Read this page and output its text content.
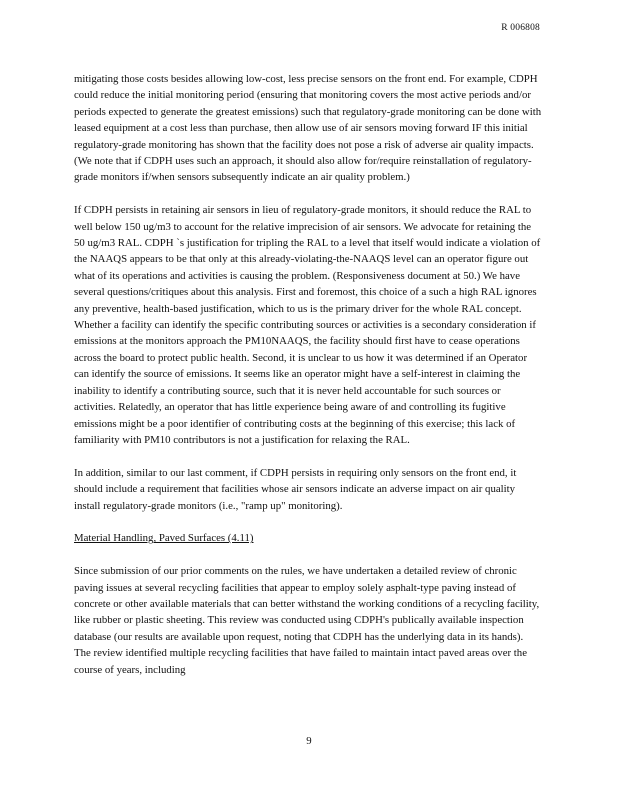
R 006808

mitigating those costs besides allowing low-cost, less precise sensors on the front end. For example, CDPH could reduce the initial monitoring period (ensuring that monitoring covers the most active periods and/or periods expected to generate the greatest emissions) such that regulatory-grade monitoring can be done with leased equipment at a cost less than purchase, then allow use of air sensors moving forward IF this initial regulatory-grade monitoring has shown that the facility does not pose a risk of adverse air quality impacts. (We note that if CDPH uses such an approach, it should also allow for/require reinstallation of regulatory-grade monitors if/when sensors subsequently indicate an air quality problem.)

If CDPH persists in retaining air sensors in lieu of regulatory-grade monitors, it should reduce the RAL to well below 150 ug/m3 to account for the relative imprecision of air sensors. We advocate for retaining the 50 ug/m3 RAL. CDPH `s justification for tripling the RAL to a level that itself would indicate a violation of the NAAQS appears to be that only at this already-violating-the-NAAQS level can an operator figure out what of its operations and activities is causing the problem. (Responsiveness document at 50.) We have several questions/critiques about this analysis. First and foremost, this choice of a such a high RAL ignores any preventive, health-based justification, which to us is the primary driver for the whole RAL concept. Whether a facility can identify the specific contributing sources or activities is a secondary consideration if emissions at the monitors approach the PM10NAAQS, the facility should first have to cease operations across the board to protect public health. Second, it is unclear to us how it was determined if an Operator can identify the source of emissions. It seems like an operator might have a self-interest in claiming the inability to identify a contributing source, such that it is never held accountable for such sources or activities. Relatedly, an operator that has little experience being aware of and controlling its fugitive emissions might be a poor identifier of contributing costs at the beginning of this exercise; this lack of familiarity with PM10 contributors is not a justification for relaxing the RAL.

In addition, similar to our last comment, if CDPH persists in requiring only sensors on the front end, it should include a requirement that facilities whose air sensors indicate an adverse impact on air quality install regulatory-grade monitors (i.e., "ramp up" monitoring).

Material Handling, Paved Surfaces (4.11)

Since submission of our prior comments on the rules, we have undertaken a detailed review of chronic paving issues at several recycling facilities that appear to employ solely asphalt-type paving instead of concrete or other available materials that can better withstand the working conditions of a recycling facility, like rubber or plastic sheeting. This review was conducted using CDPH's publically available inspection database (our results are available upon request, noting that CDPH has the underlying data in its hands). The review identified multiple recycling facilities that have failed to maintain intact paved areas over the course of years, including

9
